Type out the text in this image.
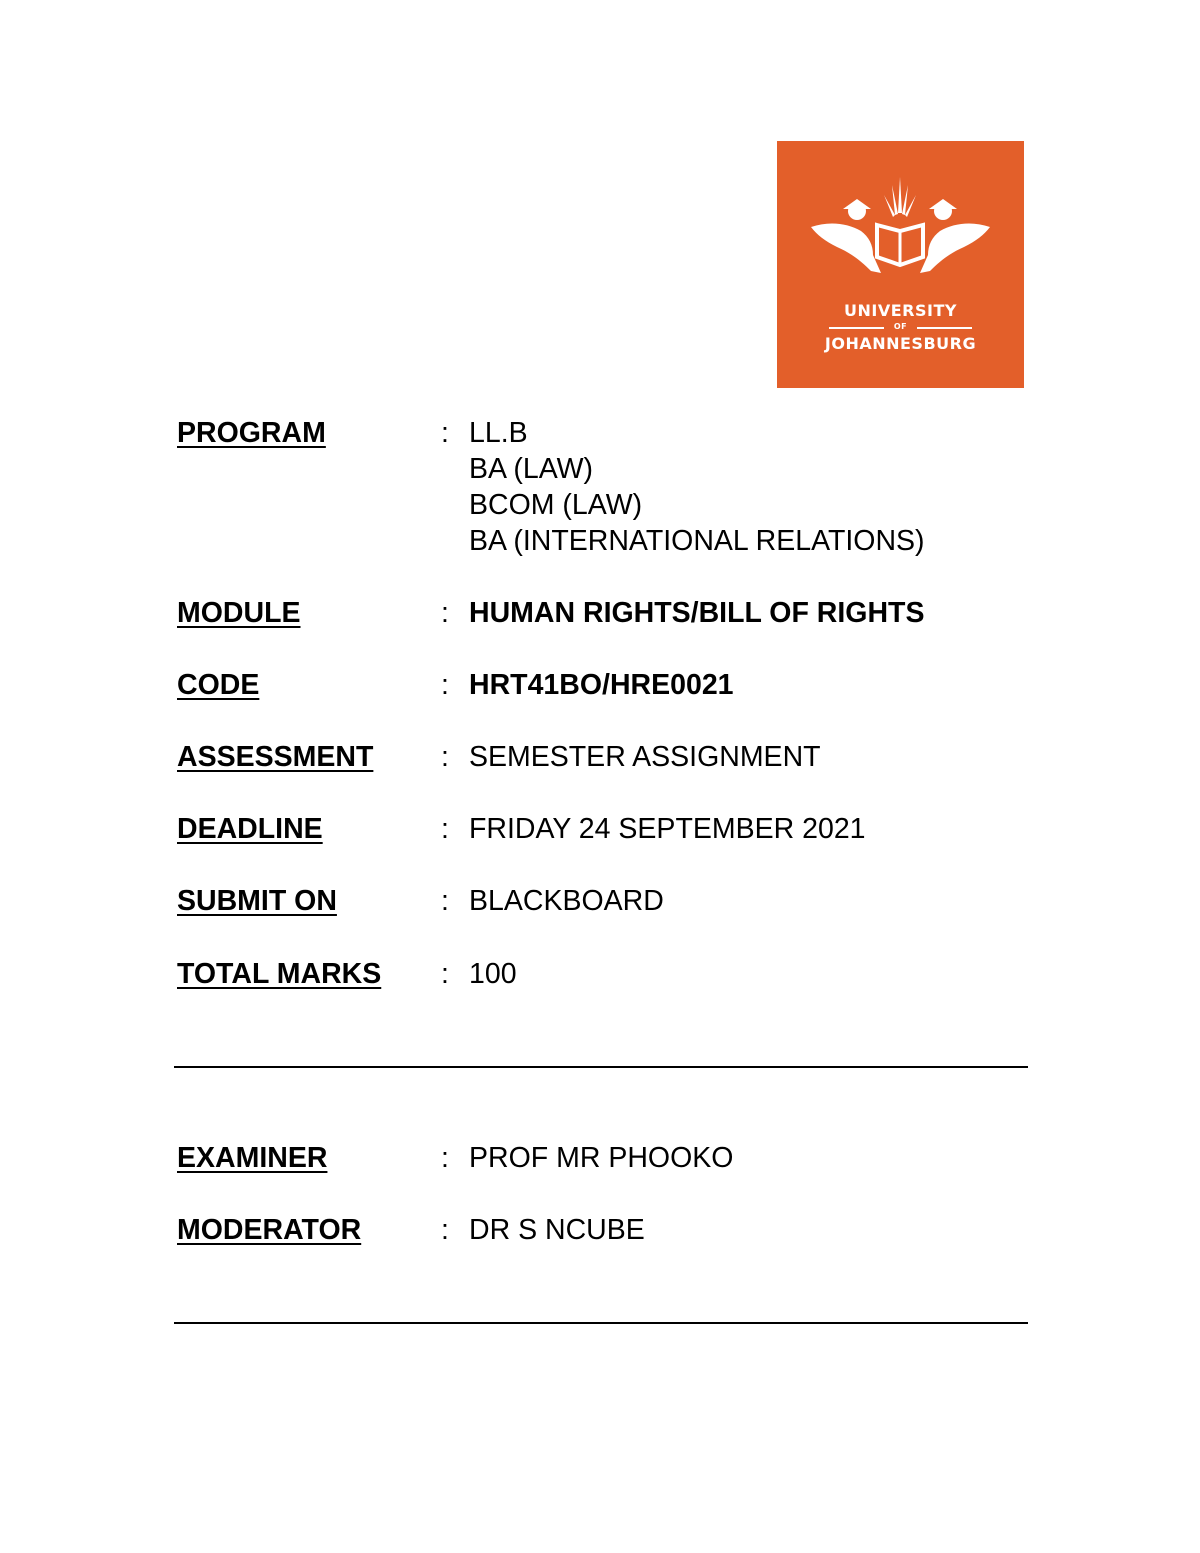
UNIVERSITY
OF
JOHANNESBURG
PROGRAM	: LL.B
BA (LAW)
BCOM (LAW)
BA (INTERNATIONAL RELATIONS)
MODULE	: HUMAN RIGHTS/BILL OF RIGHTS
CODE	: HRT41BO/HRE0021
ASSESSMENT : SEMESTER ASSIGNMENT
DEADLINE	: FRIDAY 24 SEPTEMBER 2021
SUBMIT ON	: BLACKBOARD
TOTAL MARKS : 100
EXAMINER	: PROF MR PHOOKO
MODERATOR	: DR S NCUBE
